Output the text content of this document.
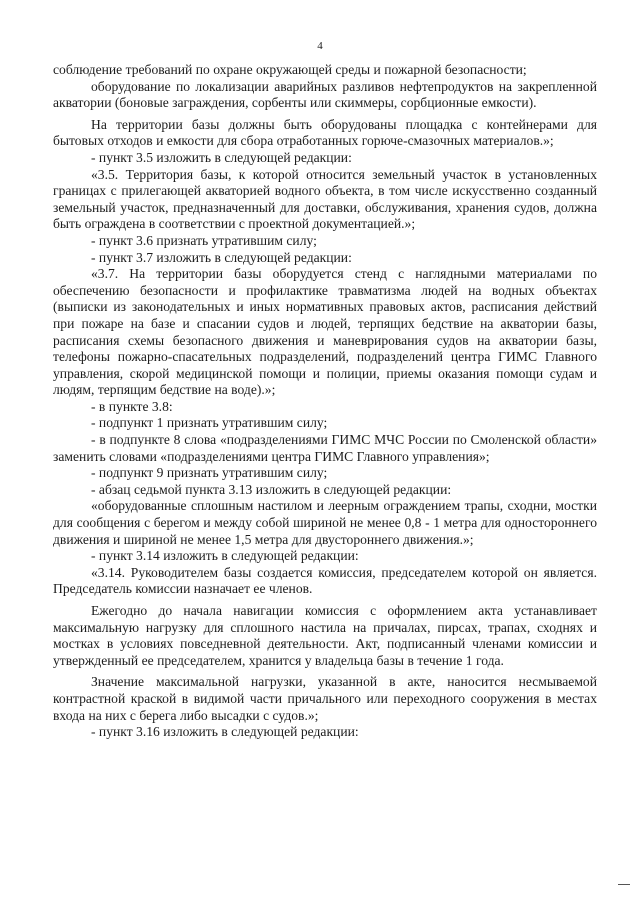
4

соблюдение требований по охране окружающей среды и пожарной безопасности;

оборудование по локализации аварийных разливов нефтепродуктов на закрепленной акватории (боновые заграждения, сорбенты или скиммеры, сорбционные емкости).

На территории базы должны быть оборудованы площадка с контейнерами для бытовых отходов и емкости для сбора отработанных горюче-смазочных материалов.»;

- пункт 3.5 изложить в следующей редакции:

«3.5. Территория базы, к которой относится земельный участок в установленных границах с прилегающей акваторией водного объекта, в том числе искусственно созданный земельный участок, предназначенный для доставки, обслуживания, хранения судов, должна быть ограждена в соответствии с проектной документацией.»;

- пункт 3.6 признать утратившим силу;

- пункт 3.7 изложить в следующей редакции:

«3.7. На территории базы оборудуется стенд с наглядными материалами по обеспечению безопасности и профилактике травматизма людей на водных объектах (выписки из законодательных и иных нормативных правовых актов, расписания действий при пожаре на базе и спасании судов и людей, терпящих бедствие на акватории базы, расписания схемы безопасного движения и маневрирования судов на акватории базы, телефоны пожарно-спасательных подразделений, подразделений центра ГИМС Главного управления, скорой медицинской помощи и полиции, приемы оказания помощи судам и людям, терпящим бедствие на воде).»;

- в пункте 3.8:

- подпункт 1 признать утратившим силу;

- в подпункте 8 слова «подразделениями ГИМС МЧС России по Смоленской области» заменить словами «подразделениями центра ГИМС Главного управления»;

- подпункт 9 признать утратившим силу;

- абзац седьмой пункта 3.13 изложить в следующей редакции:

«оборудованные сплошным настилом и леерным ограждением трапы, сходни, мостки для сообщения с берегом и между собой шириной не менее 0,8 - 1 метра для одностороннего движения и шириной не менее 1,5 метра для двустороннего движения.»;

- пункт 3.14 изложить в следующей редакции:

«3.14. Руководителем базы создается комиссия, председателем которой он является. Председатель комиссии назначает ее членов.

Ежегодно до начала навигации комиссия с оформлением акта устанавливает максимальную нагрузку для сплошного настила на причалах, пирсах, трапах, сходнях и мостках в условиях повседневной деятельности. Акт, подписанный членами комиссии и утвержденный ее председателем, хранится у владельца базы в течение 1 года.

Значение максимальной нагрузки, указанной в акте, наносится несмываемой контрастной краской в видимой части причального или переходного сооружения в местах входа на них с берега либо высадки с судов.»;

- пункт 3.16 изложить в следующей редакции:
